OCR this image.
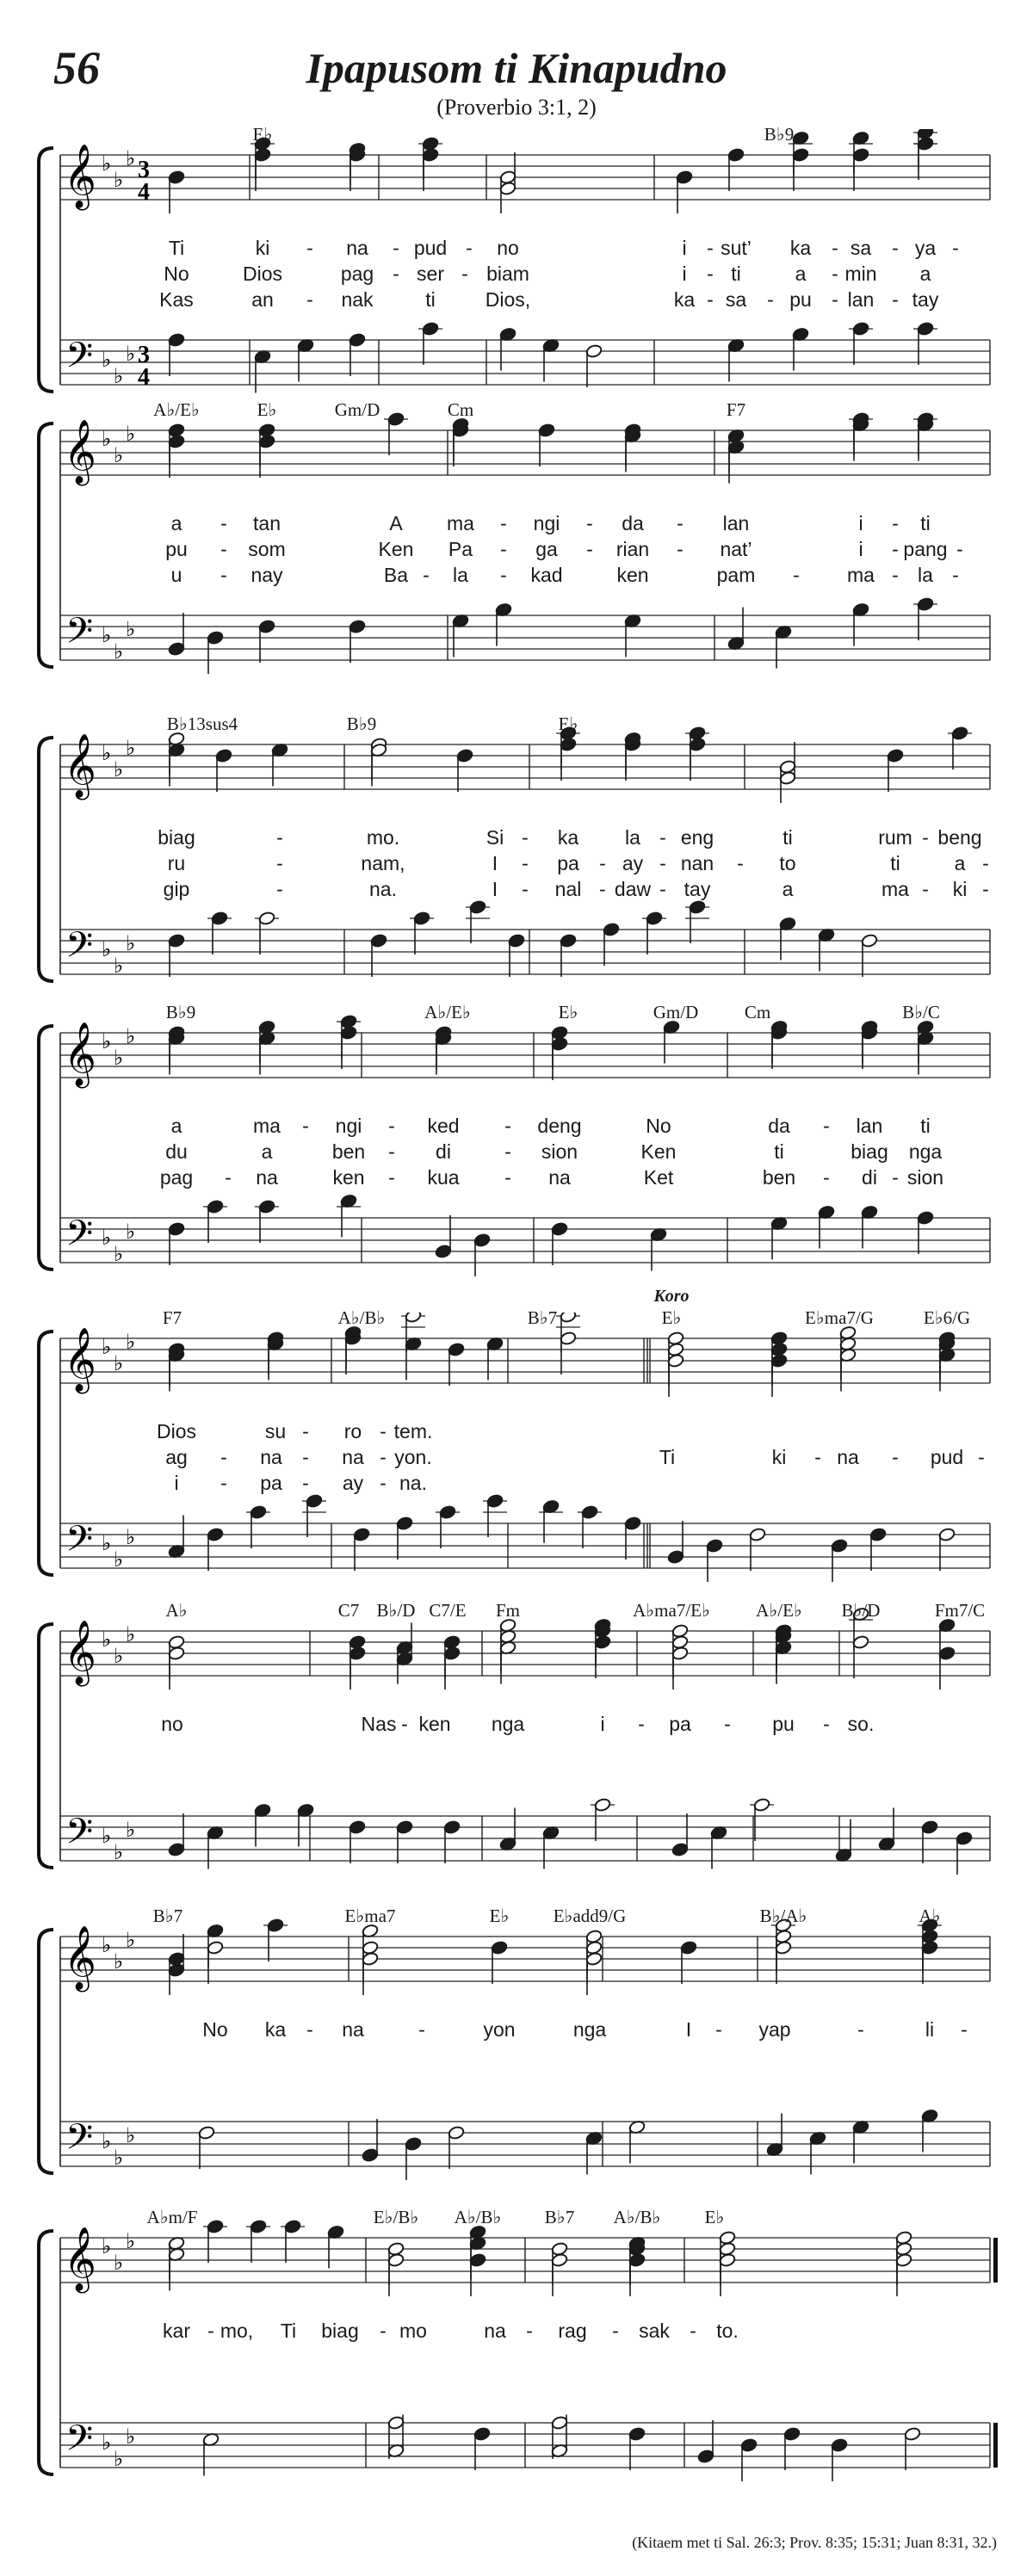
56	Ipapusom ti Kinapudno
(Proverbio 3:1, 2)
𝄞
𝄢
♭
♭
♭
♭
♭
♭
3
4
3
4
E♭	B♭9
Ti	ki - na - pud - no	i - sut’ ka - sa - ya -
No	Dios	pag - ser - biam	i - ti	a - min a
Kas	an - nak	ti	Dios,	ka - sa - pu - lan - tay
𝄞
𝄢
♭
♭
♭
♭
♭
♭
A♭/E♭	E♭	Gm/D	Cm	F7
a - tan	A ma - ngi - da - lan	i - ti
pu - som	Ken Pa - ga - rian - nat’	i - pang -
u - nay	Ba - la - kad	ken	pam - ma - la -
𝄞
𝄢
♭
♭
♭
♭
♭
♭
B♭13sus4	B♭9	E♭
biag	-	mo.	Si - ka la - eng	ti	rum - beng
ru	-	nam,	I - pa - ay - nan - to	ti	a -
gip	-	na.	I - nal - daw - tay	a	ma - ki -
𝄞
𝄢
♭
♭
♭
♭
♭
♭
B♭9	A♭/E♭	E♭	Gm/D	Cm	B♭/C
a	ma - ngi - ked - deng	No	da - lan ti
du	a	ben - di	- sion	Ken	ti	biag nga
pag - na	ken - kua - na	Ket	ben - di - sion
𝄞
𝄢
♭
♭
♭
♭
♭
♭
F7	A♭/B♭	B♭7	E♭	E♭ma7/G	E♭6/G
Koro
Dios	su - ro - tem.
ag - na - na - yon.	Ti	ki - na - pud -
i - pa - ay - na.
𝄞
𝄢
♭
♭
♭
♭
♭
♭
A♭	C7 B♭/D C7/E Fm	A♭ma7/E♭	A♭/E♭ B♭/D	Fm7/C
no	Nas - ken nga	i - pa - pu - so.
𝄞
𝄢
♭
♭
♭
♭
♭
♭
B♭7	E♭ma7	E♭ E♭add9/G	B♭/A♭	A♭
No ka - na	-	yon	nga	I - yap	-	li -
𝄞
𝄢
♭
♭
♭
♭
♭
♭
A♭m/F	E♭/B♭ A♭/B♭ B♭7 A♭/B♭ E♭
kar - mo, Ti biag - mo	na - rag - sak - to.
(Kitaem met ti Sal. 26:3; Prov. 8:35; 15:31; Juan 8:31, 32.)
